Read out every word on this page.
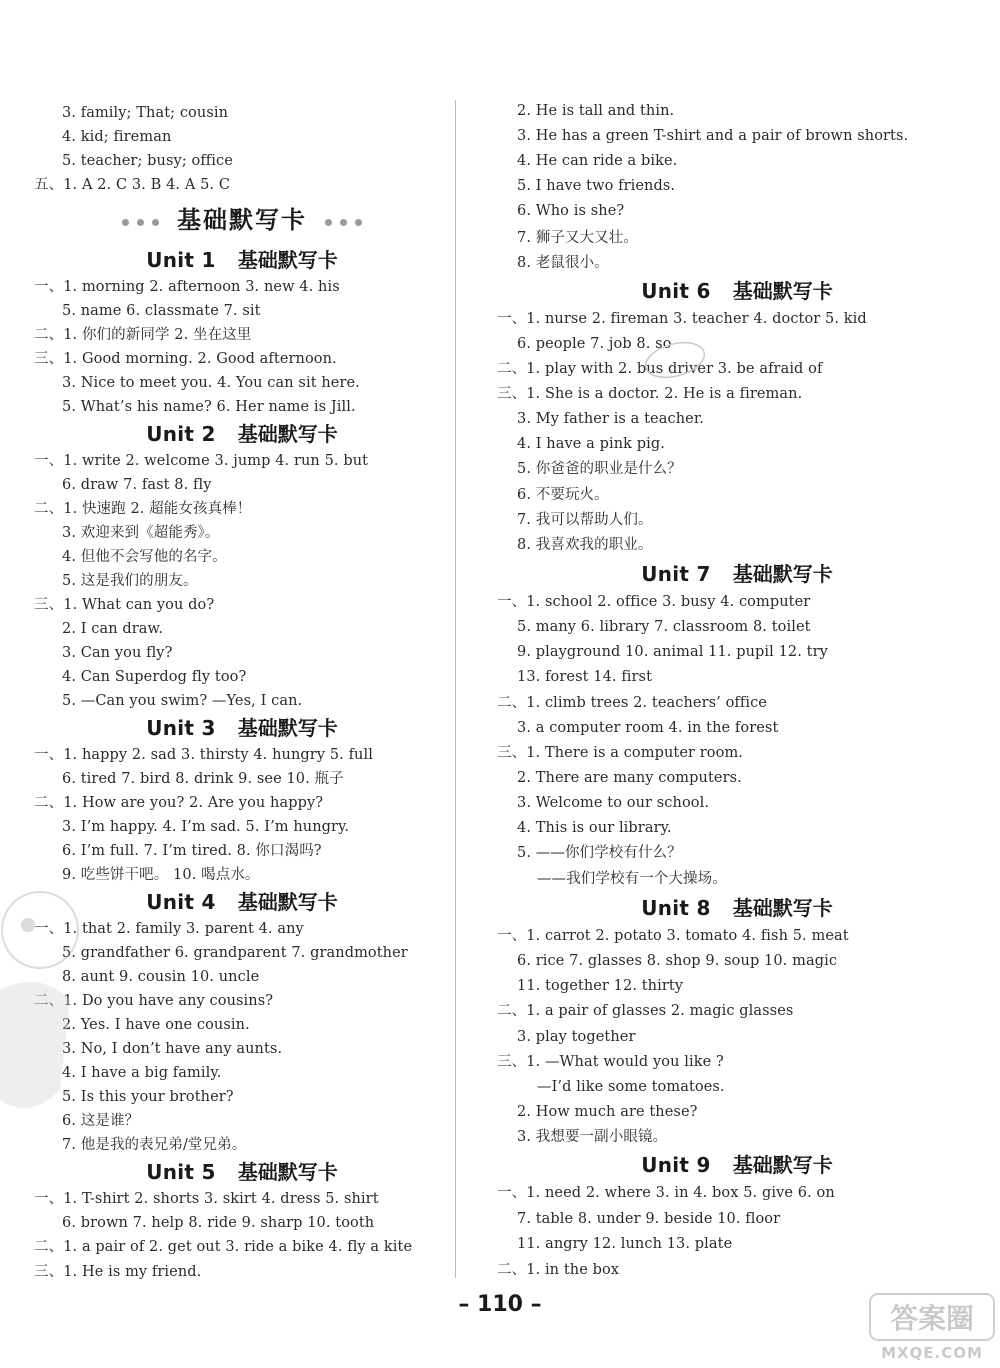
3. family; That; cousin
4. kid; fireman
5. teacher; busy; office
五、1. A 2. C 3. B 4. A 5. C
基础默写卡
Unit 1 基础默写卡
一、1. morning 2. afternoon 3. new 4. his
5. name 6. classmate 7. sit
二、1. 你们的新同学 2. 坐在这里
三、1. Good morning. 2. Good afternoon.
3. Nice to meet you. 4. You can sit here.
5. What’s his name? 6. Her name is Jill.
Unit 2 基础默写卡
一、1. write 2. welcome 3. jump 4. run 5. but
6. draw 7. fast 8. fly
二、1. 快速跑 2. 超能女孩真棒！
3. 欢迎来到《超能秀》。
4. 但他不会写他的名字。
5. 这是我们的朋友。
三、1. What can you do?
2. I can draw.
3. Can you fly?
4. Can Superdog fly too?
5. —Can you swim? —Yes, I can.
Unit 3 基础默写卡
一、1. happy 2. sad 3. thirsty 4. hungry 5. full
6. tired 7. bird 8. drink 9. see 10. 瓶子
二、1. How are you? 2. Are you happy?
3. I’m happy. 4. I’m sad. 5. I’m hungry.
6. I’m full. 7. I’m tired. 8. 你口渴吗?
9. 吃些饼干吧。 10. 喝点水。
Unit 4 基础默写卡
一、1. that 2. family 3. parent 4. any
5. grandfather 6. grandparent 7. grandmother
8. aunt 9. cousin 10. uncle
二、1. Do you have any cousins?
2. Yes. I have one cousin.
3. No, I don’t have any aunts.
4. I have a big family.
5. Is this your brother?
6. 这是谁？
7. 他是我的表兄弟/堂兄弟。
Unit 5 基础默写卡
一、1. T-shirt 2. shorts 3. skirt 4. dress 5. shirt
6. brown 7. help 8. ride 9. sharp 10. tooth
二、1. a pair of 2. get out 3. ride a bike 4. fly a kite
三、1. He is my friend.
2. He is tall and thin.
3. He has a green T-shirt and a pair of brown shorts.
4. He can ride a bike.
5. I have two friends.
6. Who is she?
7. 狮子又大又壮。
8. 老鼠很小。
Unit 6 基础默写卡
一、1. nurse 2. fireman 3. teacher 4. doctor 5. kid
6. people 7. job 8. so
二、1. play with 2. bus driver 3. be afraid of
三、1. She is a doctor. 2. He is a fireman.
3. My father is a teacher.
4. I have a pink pig.
5. 你爸爸的职业是什么？
6. 不要玩火。
7. 我可以帮助人们。
8. 我喜欢我的职业。
Unit 7 基础默写卡
一、1. school 2. office 3. busy 4. computer
5. many 6. library 7. classroom 8. toilet
9. playground 10. animal 11. pupil 12. try
13. forest 14. first
二、1. climb trees 2. teachers’ office
3. a computer room 4. in the forest
三、1. There is a computer room.
2. There are many computers.
3. Welcome to our school.
4. This is our library.
5. ——你们学校有什么？
——我们学校有一个大操场。
Unit 8 基础默写卡
一、1. carrot 2. potato 3. tomato 4. fish 5. meat
6. rice 7. glasses 8. shop 9. soup 10. magic
11. together 12. thirty
二、1. a pair of glasses 2. magic glasses
3. play together
三、1. —What would you like ?
—I’d like some tomatoes.
2. How much are these?
3. 我想要一副小眼镜。
Unit 9 基础默写卡
一、1. need 2. where 3. in 4. box 5. give 6. on
7. table 8. under 9. beside 10. floor
11. angry 12. lunch 13. plate
二、1. in the box
– 110 –	答案圈
MXQE.COM
